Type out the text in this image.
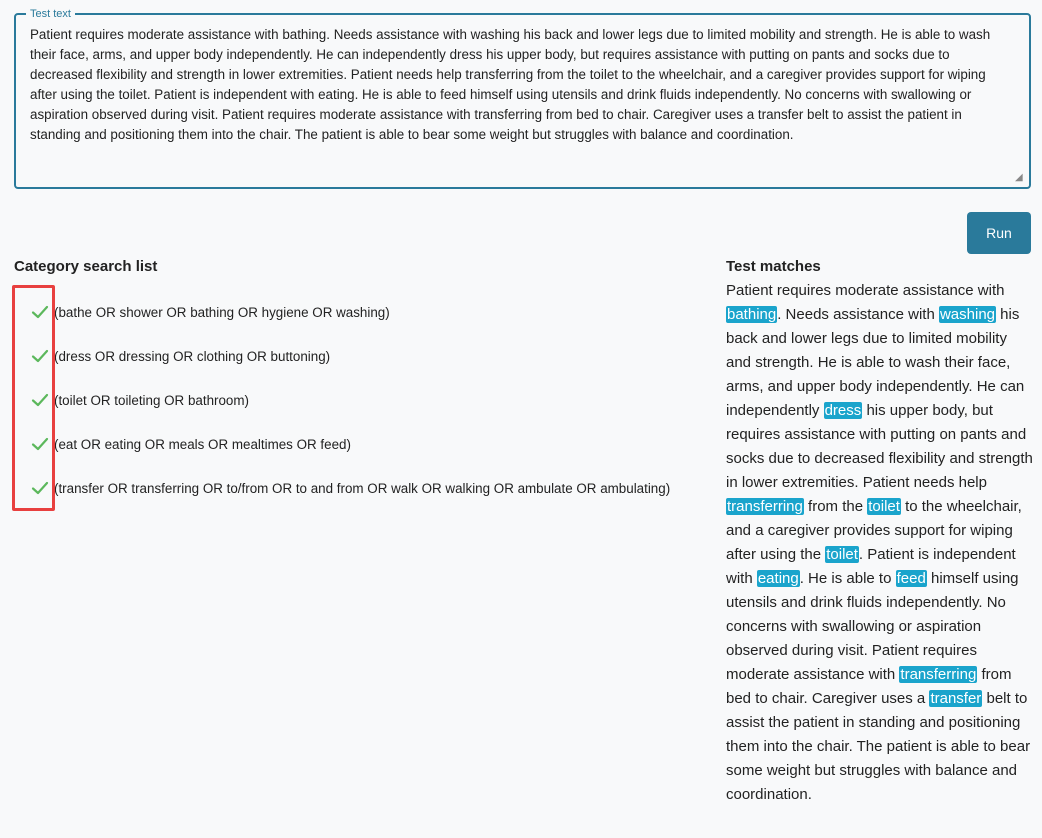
Test text
Patient requires moderate assistance with bathing. Needs assistance with washing his back and lower legs due to limited mobility and strength. He is able to wash their face, arms, and upper body independently. He can independently dress his upper body, but requires assistance with putting on pants and socks due to decreased flexibility and strength in lower extremities. Patient needs help transferring from the toilet to the wheelchair, and a caregiver provides support for wiping after using the toilet. Patient is independent with eating. He is able to feed himself using utensils and drink fluids independently. No concerns with swallowing or aspiration observed during visit. Patient requires moderate assistance with transferring from bed to chair. Caregiver uses a transfer belt to assist the patient in standing and positioning them into the chair. The patient is able to bear some weight but struggles with balance and coordination.
◢
Run
Category search list	Test matches
(bathe OR shower OR bathing OR hygiene OR washing)
(dress OR dressing OR clothing OR buttoning)
(toilet OR toileting OR bathroom)
(eat OR eating OR meals OR mealtimes OR feed)
(transfer OR transferring OR to/from OR to and from OR walk OR walking OR ambulate OR ambulating)

Patient requires moderate assistance with bathing. Needs assistance with washing his back and lower legs due to limited mobility and strength. He is able to wash their face, arms, and upper body independently. He can independently dress his upper body, but requires assistance with putting on pants and socks due to decreased flexibility and strength in lower extremities. Patient needs help transferring from the toilet to the wheelchair, and a caregiver provides support for wiping after using the toilet. Patient is independent with eating. He is able to feed himself using utensils and drink fluids independently. No concerns with swallowing or aspiration observed during visit. Patient requires moderate assistance with transferring from bed to chair. Caregiver uses a transfer belt to assist the patient in standing and positioning them into the chair. The patient is able to bear some weight but struggles with balance and coordination.
